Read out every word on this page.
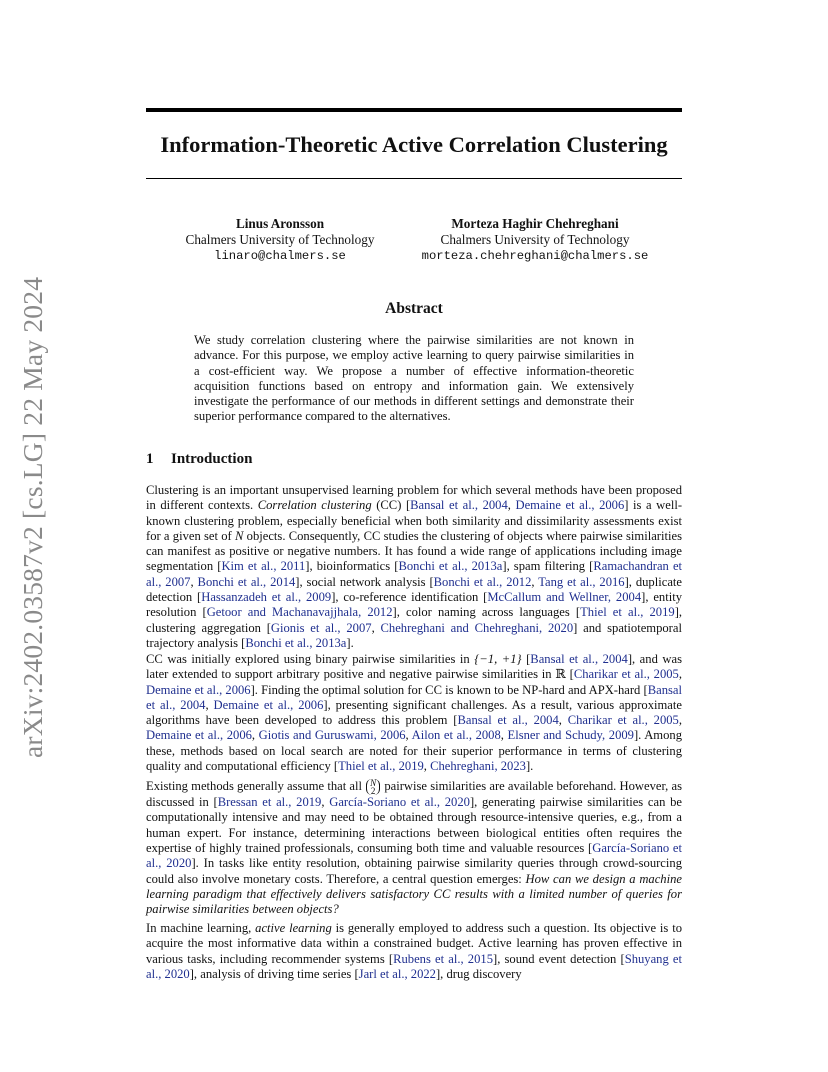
arXiv:2402.03587v2 [cs.LG] 22 May 2024
Information-Theoretic Active Correlation Clustering
Linus Aronsson
Chalmers University of Technology
linaro@chalmers.se
Morteza Haghir Chehreghani
Chalmers University of Technology
morteza.chehreghani@chalmers.se
Abstract

We study correlation clustering where the pairwise similarities are not known in advance. For this purpose, we employ active learning to query pairwise similarities in a cost-efficient way. We propose a number of effective information-theoretic acquisition functions based on entropy and information gain. We extensively investigate the performance of our methods in different settings and demonstrate their superior performance compared to the alternatives.

1 Introduction

Clustering is an important unsupervised learning problem for which several methods have been proposed in different contexts. Correlation clustering (CC) [Bansal et al., 2004, Demaine et al., 2006] is a well-known clustering problem, especially beneficial when both similarity and dissimilarity assessments exist for a given set of N objects. Consequently, CC studies the clustering of objects where pairwise similarities can manifest as positive or negative numbers. It has found a wide range of applications including image segmentation [Kim et al., 2011], bioinformatics [Bonchi et al., 2013a], spam filtering [Ramachandran et al., 2007, Bonchi et al., 2014], social network analysis [Bonchi et al., 2012, Tang et al., 2016], duplicate detection [Hassanzadeh et al., 2009], co-reference identification [McCallum and Wellner, 2004], entity resolution [Getoor and Machanavajjhala, 2012], color naming across languages [Thiel et al., 2019], clustering aggregation [Gionis et al., 2007, Chehreghani and Chehreghani, 2020] and spatiotemporal trajectory analysis [Bonchi et al., 2013a].

CC was initially explored using binary pairwise similarities in {−1, +1} [Bansal et al., 2004], and was later extended to support arbitrary positive and negative pairwise similarities in ℝ [Charikar et al., 2005, Demaine et al., 2006]. Finding the optimal solution for CC is known to be NP-hard and APX-hard [Bansal et al., 2004, Demaine et al., 2006], presenting significant challenges. As a result, various approximate algorithms have been developed to address this problem [Bansal et al., 2004, Charikar et al., 2005, Demaine et al., 2006, Giotis and Guruswami, 2006, Ailon et al., 2008, Elsner and Schudy, 2009]. Among these, methods based on local search are noted for their superior performance in terms of clustering quality and computational efficiency [Thiel et al., 2019, Chehreghani, 2023].

Existing methods generally assume that all N
2 pairwise similarities are available beforehand. However, as discussed in [Bressan et al., 2019, García-Soriano et al., 2020], generating pairwise similarities can be computationally intensive and may need to be obtained through resource-intensive queries, e.g., from a human expert. For instance, determining interactions between biological entities often requires the expertise of highly trained professionals, consuming both time and valuable resources [García-Soriano et al., 2020]. In tasks like entity resolution, obtaining pairwise similarity queries through crowd-sourcing could also involve monetary costs. Therefore, a central question emerges: How can we design a machine learning paradigm that effectively delivers satisfactory CC results with a limited number of queries for pairwise similarities between objects?

In machine learning, active learning is generally employed to address such a question. Its objective is to acquire the most informative data within a constrained budget. Active learning has proven effective in various tasks, including recommender systems [Rubens et al., 2015], sound event detection [Shuyang et al., 2020], analysis of driving time series [Jarl et al., 2022], drug discovery
